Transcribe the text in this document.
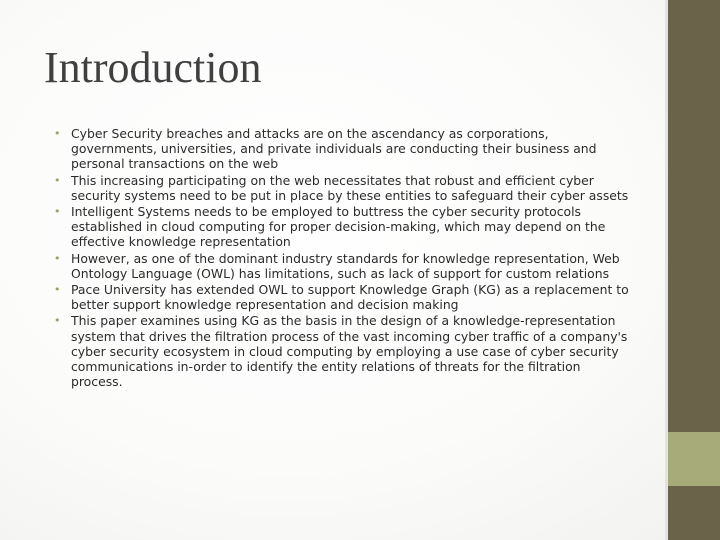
Introduction
• Cyber Security breaches and attacks are on the ascendancy as corporations, governments, universities, and private individuals are conducting their business and personal transactions on the web
• This increasing participating on the web necessitates that robust and efficient cyber security systems need to be put in place by these entities to safeguard their cyber assets
• Intelligent Systems needs to be employed to buttress the cyber security protocols established in cloud computing for proper decision-making, which may depend on the effective knowledge representation
• However, as one of the dominant industry standards for knowledge representation, Web Ontology Language (OWL) has limitations, such as lack of support for custom relations
• Pace University has extended OWL to support Knowledge Graph (KG) as a replacement to better support knowledge representation and decision making
• This paper examines using KG as the basis in the design of a knowledge-representation system that drives the filtration process of the vast incoming cyber traffic of a company's cyber security ecosystem in cloud computing by employing a use case of cyber security communications in-order to identify the entity relations of threats for the filtration process.
